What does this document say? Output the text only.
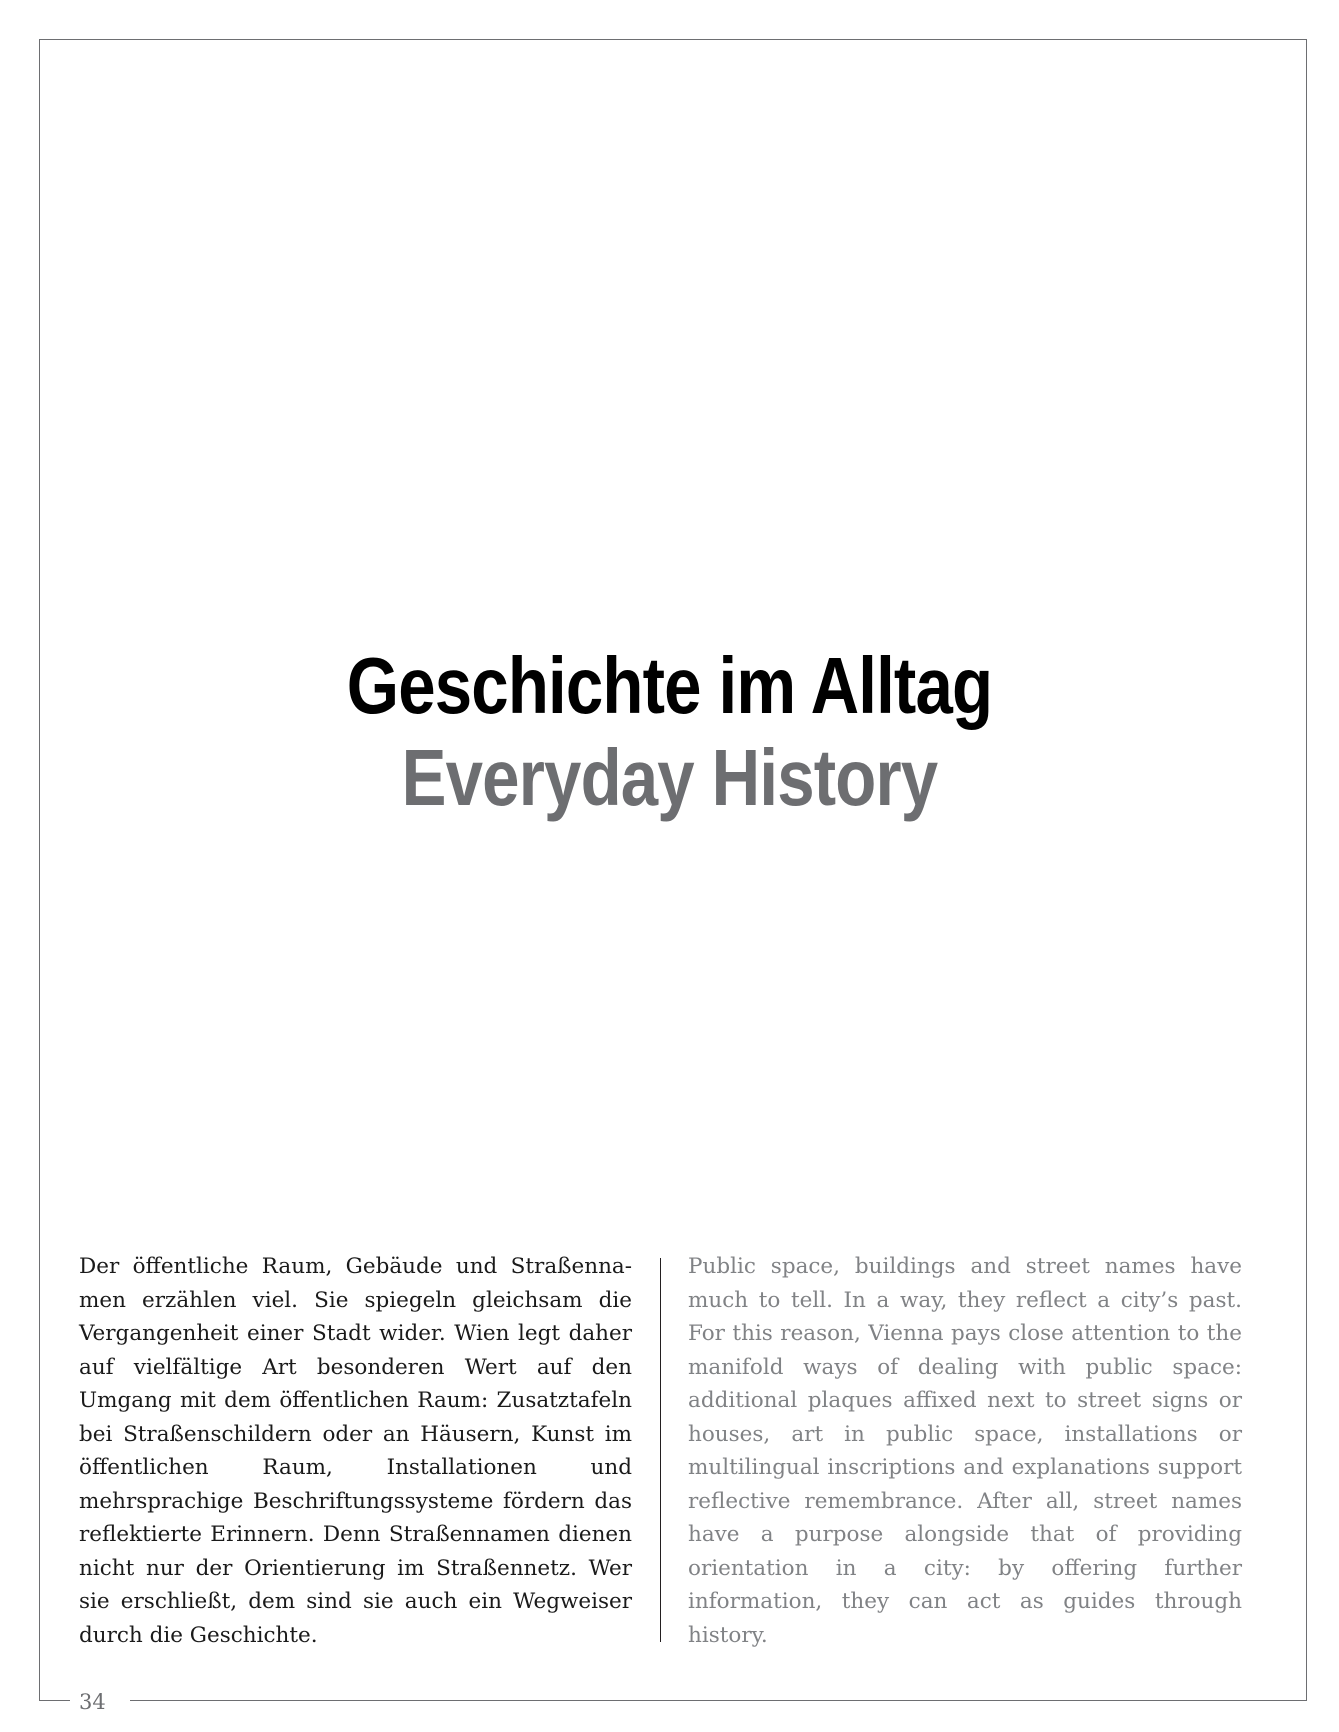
Geschichte im Alltag
Everyday History
Der öffentliche Raum, Gebäude und Straßennamen erzählen viel. Sie spiegeln gleichsam die Vergangenheit einer Stadt wider. Wien legt daher auf vielfältige Art besonderen Wert auf den Umgang mit dem öffentlichen Raum: Zusatztafeln bei Straßenschildern oder an Häusern, Kunst im öffentlichen Raum, Installationen und mehrsprachige Beschriftungssysteme fördern das reflektierte Erinnern. Denn Straßennamen dienen nicht nur der Orientierung im Straßennetz. Wer sie erschließt, dem sind sie auch ein Wegweiser durch die Geschichte.
Public space, buildings and street names have much to tell. In a way, they reflect a city’s past. For this reason, Vienna pays close attention to the manifold ways of dealing with public space: additional plaques affixed next to street signs or houses, art in public space, installations or multilingual inscriptions and explanations support reflective remembrance. After all, street names have a purpose alongside that of providing orientation in a city: by offering further information, they can act as guides through history.
34
